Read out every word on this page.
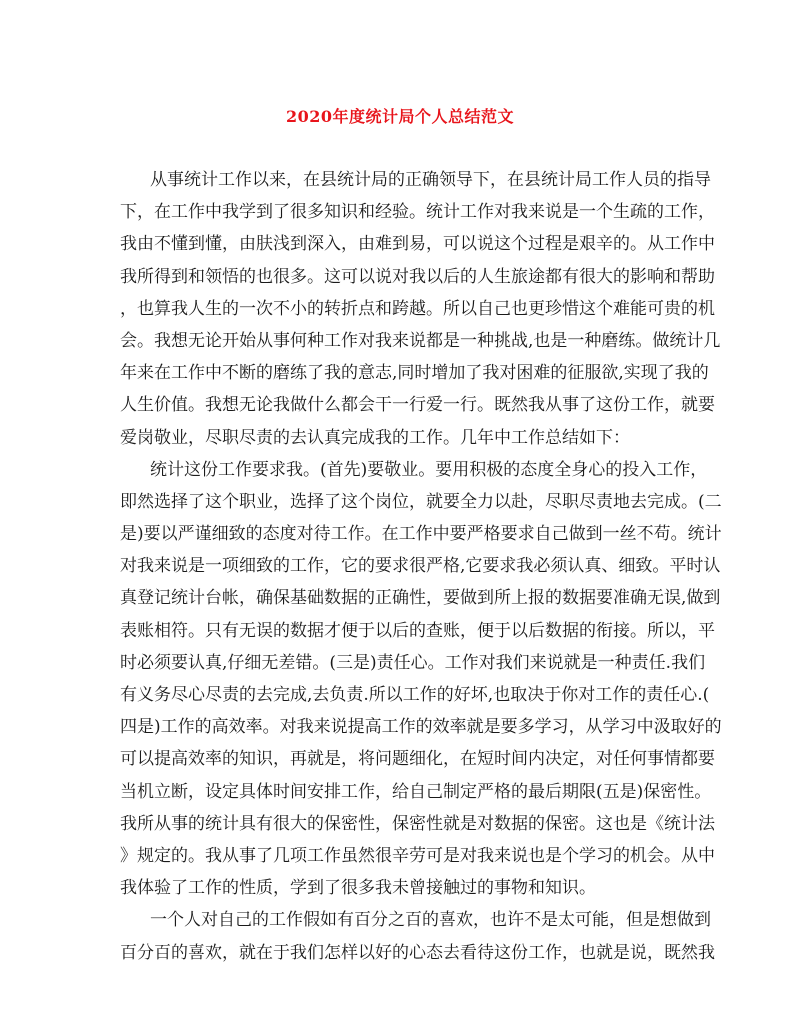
2020年度统计局个人总结范文
从事统计工作以来，在县统计局的正确领导下，在县统计局工作人员的指导
下，在工作中我学到了很多知识和经验。统计工作对我来说是一个生疏的工作，
我由不懂到懂，由肤浅到深入，由难到易，可以说这个过程是艰辛的。从工作中
我所得到和领悟的也很多。这可以说对我以后的人生旅途都有很大的影响和帮助
，也算我人生的一次不小的转折点和跨越。所以自己也更珍惜这个难能可贵的机
会。我想无论开始从事何种工作对我来说都是一种挑战,也是一种磨练。做统计几
年来在工作中不断的磨练了我的意志,同时增加了我对困难的征服欲,实现了我的
人生价值。我想无论我做什么都会干一行爱一行。既然我从事了这份工作，就要
爱岗敬业，尽职尽责的去认真完成我的工作。几年中工作总结如下：
统计这份工作要求我。(首先)要敬业。要用积极的态度全身心的投入工作，
即然选择了这个职业，选择了这个岗位，就要全力以赴，尽职尽责地去完成。(二
是)要以严谨细致的态度对待工作。在工作中要严格要求自己做到一丝不苟。统计
对我来说是一项细致的工作，它的要求很严格,它要求我必须认真、细致。平时认
真登记统计台帐，确保基础数据的正确性，要做到所上报的数据要准确无误,做到
表账相符。只有无误的数据才便于以后的查账，便于以后数据的衔接。所以，平
时必须要认真,仔细无差错。(三是)责任心。工作对我们来说就是一种责任.我们
有义务尽心尽责的去完成,去负责.所以工作的好坏,也取决于你对工作的责任心.(
四是)工作的高效率。对我来说提高工作的效率就是要多学习，从学习中汲取好的
可以提高效率的知识，再就是，将问题细化，在短时间内决定，对任何事情都要
当机立断，设定具体时间安排工作，给自己制定严格的最后期限(五是)保密性。
我所从事的统计具有很大的保密性，保密性就是对数据的保密。这也是《统计法
》规定的。我从事了几项工作虽然很辛劳可是对我来说也是个学习的机会。从中
我体验了工作的性质，学到了很多我未曾接触过的事物和知识。
一个人对自己的工作假如有百分之百的喜欢，也许不是太可能，但是想做到
百分百的喜欢，就在于我们怎样以好的心态去看待这份工作，也就是说，既然我
